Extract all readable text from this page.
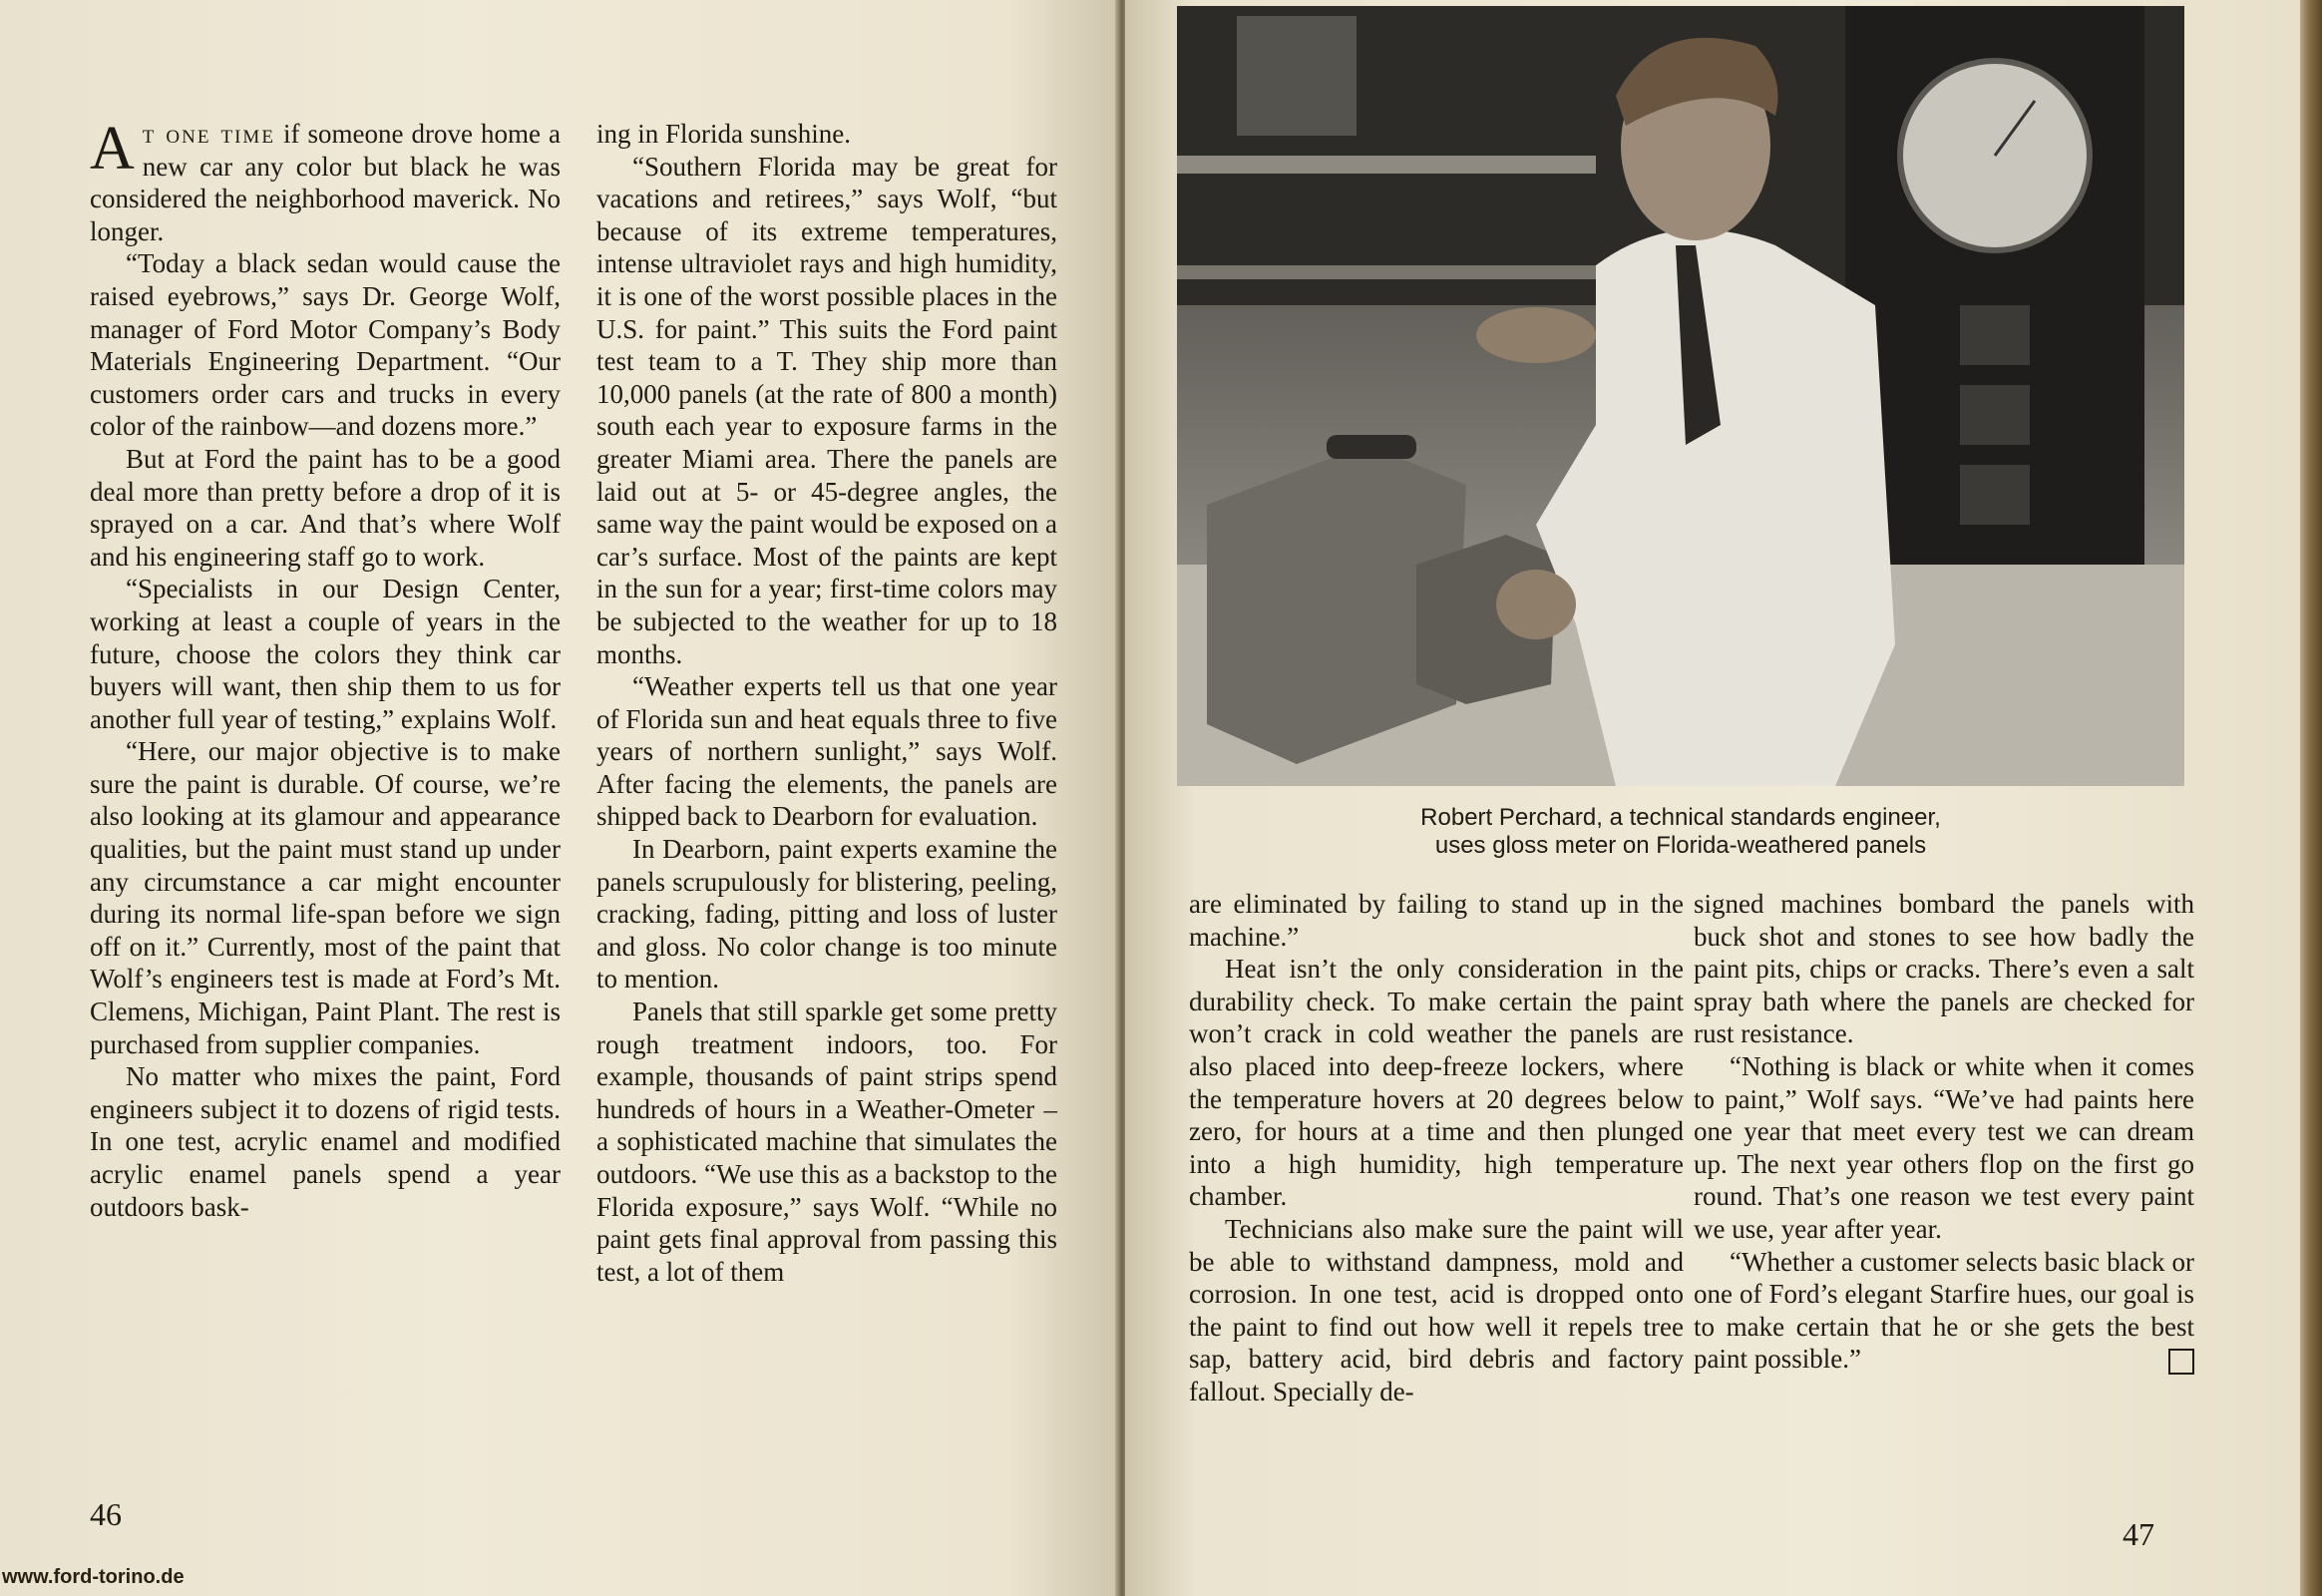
At one time if someone drove home a new car any color but black he was considered the neighborhood maverick. No longer.

“Today a black sedan would cause the raised eyebrows,” says Dr. George Wolf, manager of Ford Motor Company’s Body Materials Engineering Department. “Our customers order cars and trucks in every color of the rainbow—and dozens more.”

But at Ford the paint has to be a good deal more than pretty before a drop of it is sprayed on a car. And that’s where Wolf and his engineering staff go to work.

“Specialists in our Design Center, working at least a couple of years in the future, choose the colors they think car buyers will want, then ship them to us for another full year of testing,” explains Wolf.

“Here, our major objective is to make sure the paint is durable. Of course, we’re also looking at its glamour and appearance qualities, but the paint must stand up under any circumstance a car might encounter during its normal life-span before we sign off on it.” Currently, most of the paint that Wolf’s engineers test is made at Ford’s Mt. Clemens, Michigan, Paint Plant. The rest is purchased from supplier companies.

No matter who mixes the paint, Ford engineers subject it to dozens of rigid tests. In one test, acrylic enamel and modified acrylic enamel panels spend a year outdoors bask-

ing in Florida sunshine.

“Southern Florida may be great for vacations and retirees,” says Wolf, “but because of its extreme temperatures, intense ultraviolet rays and high humidity, it is one of the worst possible places in the U.S. for paint.” This suits the Ford paint test team to a T. They ship more than 10,000 panels (at the rate of 800 a month) south each year to exposure farms in the greater Miami area. There the panels are laid out at 5- or 45-degree angles, the same way the paint would be exposed on a car’s surface. Most of the paints are kept in the sun for a year; first-time colors may be subjected to the weather for up to 18 months.

“Weather experts tell us that one year of Florida sun and heat equals three to five years of northern sunlight,” says Wolf. After facing the elements, the panels are shipped back to Dearborn for evaluation.

In Dearborn, paint experts examine the panels scrupulously for blistering, peeling, cracking, fading, pitting and loss of luster and gloss. No color change is too minute to mention.

Panels that still sparkle get some pretty rough treatment indoors, too. For example, thousands of paint strips spend hundreds of hours in a Weather-Ometer – a sophisticated machine that simulates the outdoors. “We use this as a backstop to the Florida exposure,” says Wolf. “While no paint gets final approval from passing this test, a lot of them

46
Robert Perchard, a technical standards engineer,
uses gloss meter on Florida-weathered panels

are eliminated by failing to stand up in the machine.”

Heat isn’t the only consideration in the durability check. To make certain the paint won’t crack in cold weather the panels are also placed into deep-freeze lockers, where the temperature hovers at 20 degrees below zero, for hours at a time and then plunged into a high humidity, high temperature chamber.

Technicians also make sure the paint will be able to withstand dampness, mold and corrosion. In one test, acid is dropped onto the paint to find out how well it repels tree sap, battery acid, bird debris and factory fallout. Specially de-

signed machines bombard the panels with buck shot and stones to see how badly the paint pits, chips or cracks. There’s even a salt spray bath where the panels are checked for rust resistance.

“Nothing is black or white when it comes to paint,” Wolf says. “We’ve had paints here one year that meet every test we can dream up. The next year others flop on the first go round. That’s one reason we test every paint we use, year after year.

“Whether a customer selects basic black or one of Ford’s elegant Starfire hues, our goal is to make certain that he or she gets the best paint possible.”

47
www.ford-torino.de
